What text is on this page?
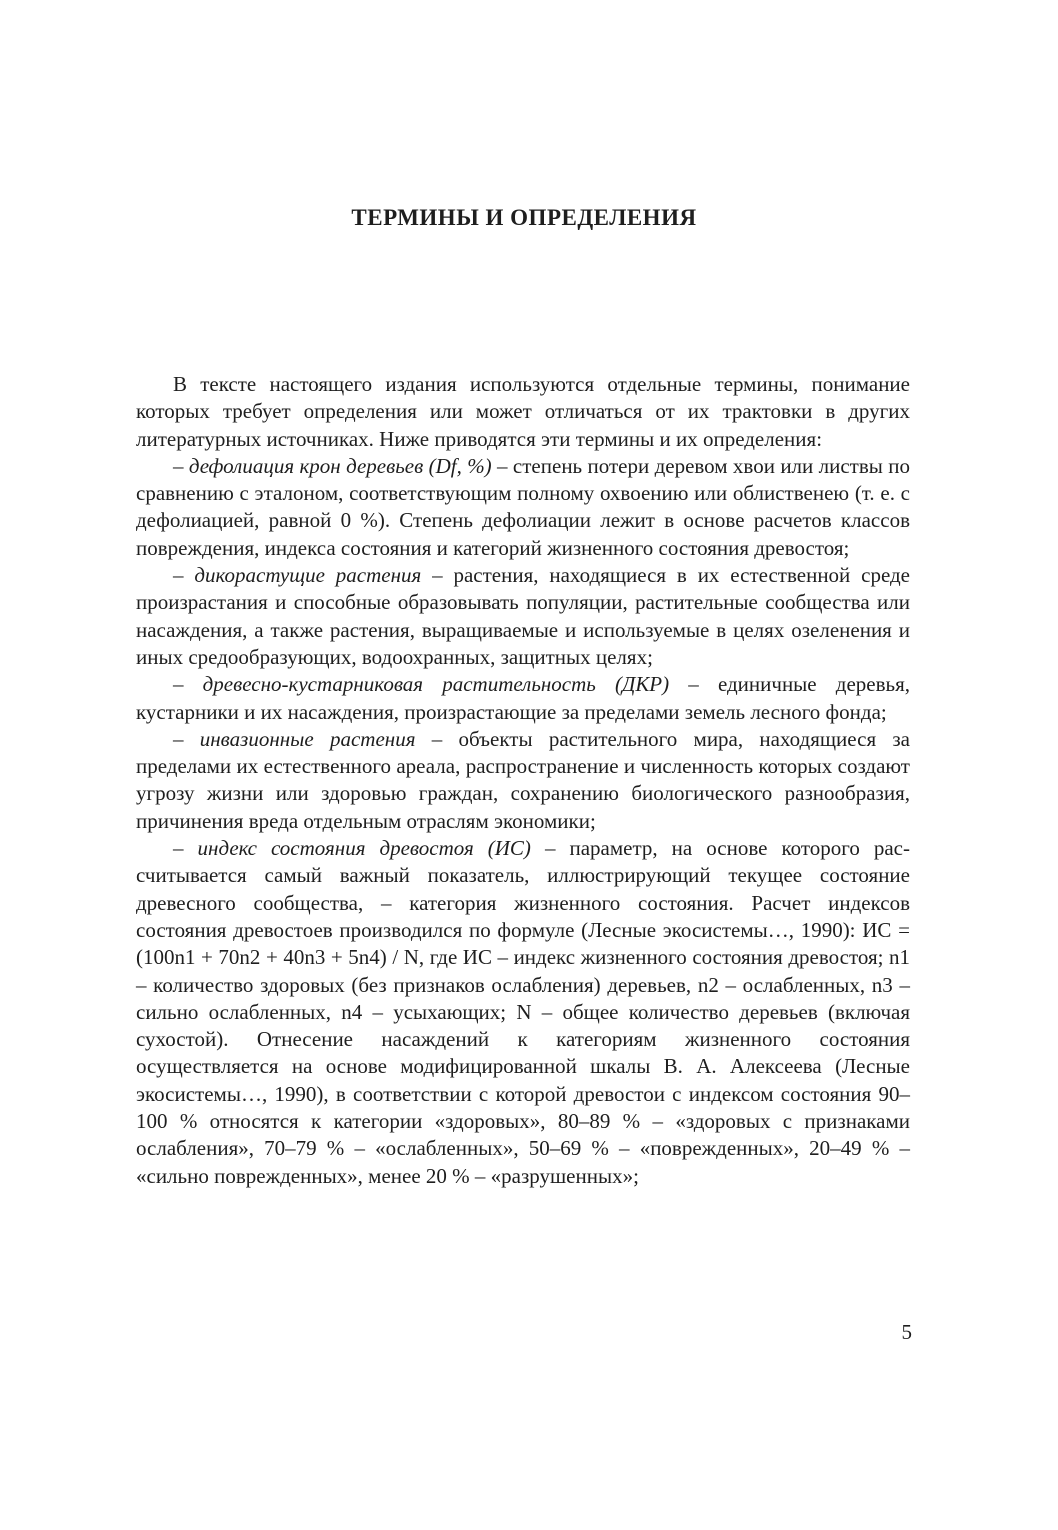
ТЕРМИНЫ И ОПРЕДЕЛЕНИЯ

В тексте настоящего издания используются отдельные термины, понимание которых требует определения или может отличаться от их трактовки в других литературных источниках. Ниже приводятся эти термины и их определения:

– дефолиация крон деревьев (Df, %) – степень потери деревом хвои или листвы по сравнению с эталоном, соответствующим полному охвоению или облиственею (т. е. с дефолиацией, равной 0 %). Степень дефолиации лежит в основе расчетов классов повреждения, индекса состояния и категорий жизненного состояния древостоя;

– дикорастущие растения – растения, находящиеся в их естественной среде произрастания и способные образовывать популяции, растительные сообщества или насаждения, а также растения, выращиваемые и используемые в целях озеленения и иных средообразующих, водоохранных, защитных целях;

– древесно-кустарниковая растительность (ДКР) – единичные деревья, кустарники и их насаждения, произрастающие за пределами земель лесного фонда;

– инвазионные растения – объекты растительного мира, находящиеся за пределами их естественного ареала, распространение и численность которых создают угрозу жизни или здоровью граждан, сохранению биологического разнообразия, причинения вреда отдельным отраслям экономики;

– индекс состояния древостоя (ИС) – параметр, на основе которого рассчитывается самый важный показатель, иллюстрирующий текущее состояние древесного сообщества, – категория жизненного состояния. Расчет индексов состояния древостоев производился по формуле (Лесные экосистемы…, 1990): ИС = (100n1 + 70n2 + 40n3 + 5n4) / N, где ИС – индекс жизненного состояния древостоя; n1 – количество здоровых (без признаков ослабления) деревьев, n2 – ослабленных, n3 – сильно ослабленных, n4 – усыхающих; N – общее количество деревьев (включая сухостой). Отнесение насаждений к категориям жизненного состояния осуществляется на основе модифицированной шкалы В. А. Алексеева (Лесные экосистемы…, 1990), в соответствии с которой древостои с индексом состояния 90–100 % относятся к категории «здоровых», 80–89 % – «здоровых с признаками ослабления», 70–79 % – «ослабленных», 50–69 % – «поврежденных», 20–49 % – «сильно поврежденных», менее 20 % – «разрушенных»;

5
